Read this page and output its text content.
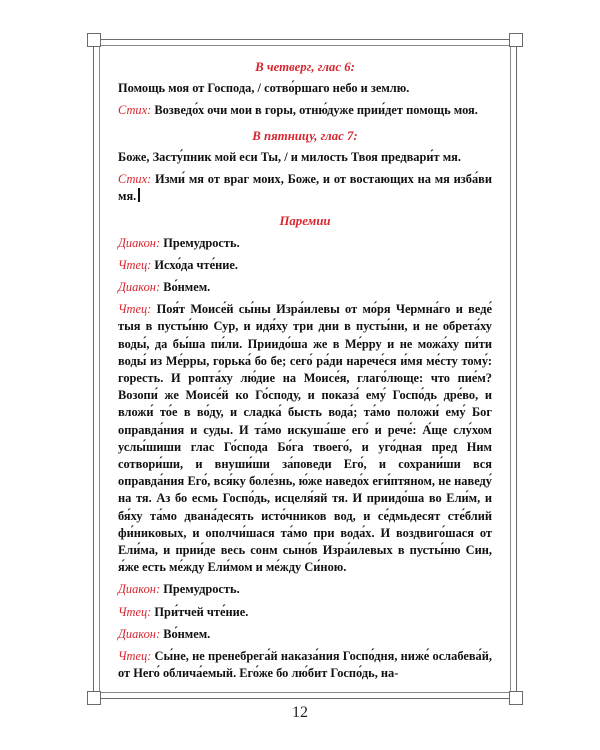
В четверг, глас 6:

Помощь моя от Господа, / сотво́ршаго небо и землю.

Стих: Возведо́х очи мои в горы, отню́дуже прии́дет помощь моя.

В пятницу, глас 7:

Боже, Засту́пник мой еси Ты, / и милость Твоя предвари́т мя.

Стих: Изми́ мя от враг моих, Боже, и от востающих на мя изба́ви мя.

Паремии

Диакон: Премудрость.

Чтец: Исхо́да чте́ние.

Диакон: Во́нмем.

Чтец: Поя́т Моисе́й сы́ны Изра́илевы от мо́ря Чермна́го и веде́ тыя в пусты́ню Сур, и идя́ху три дни в пусты́ни, и не обрета́ху воды́, да бы́ша пи́ли. Приидо́ша же в Ме́рру и не можа́ху пи́ти воды́ из Ме́рры, горька́ бо бе; сего́ ра́ди нарече́ся и́мя ме́сту тому́: горесть. И ропта́ху лю́дие на Моисе́я, глаго́люще: что пие́м? Возопи́ же Моисе́й ко Го́споду, и показа́ ему́ Госпо́дь дре́во, и вложи́ то́е в во́ду, и сладка́ бысть вода́; та́мо положи́ ему́ Бог оправда́ния и суды. И та́мо искуша́ше его́ и рече́: А́ще слу́хом услы́шиши глас Го́спода Бо́га твоего́, и уго́дная пред Ним сотвори́ши, и внуши́ши за́поведи Его́, и сохрани́ши вся оправда́ния Его́, вся́ку боле́знь, ю́же наведо́х еги́птяном, не наведу́ на тя. Аз бо есмь Госпо́дь, исцеля́яй тя. И приидо́ша во Ели́м, и бя́ху та́мо двана́десять исто́чников вод, и се́дмьдесят сте́блий фи́никовых, и ополчи́шася та́мо при вода́х. И воздвиго́шася от Ели́ма, и прии́де весь сонм сыно́в Изра́илевых в пусты́ню Син, я́же есть ме́жду Ели́мом и ме́жду Си́ною.

Диакон: Премудрость.

Чтец: При́тчей чте́ние.

Диакон: Во́нмем.

Чтец: Сы́не, не пренебрега́й наказа́ния Госпо́дня, ниже́ ослабева́й, от Него́ облича́емый. Его́же бо лю́бит Госпо́дь, на-

12
